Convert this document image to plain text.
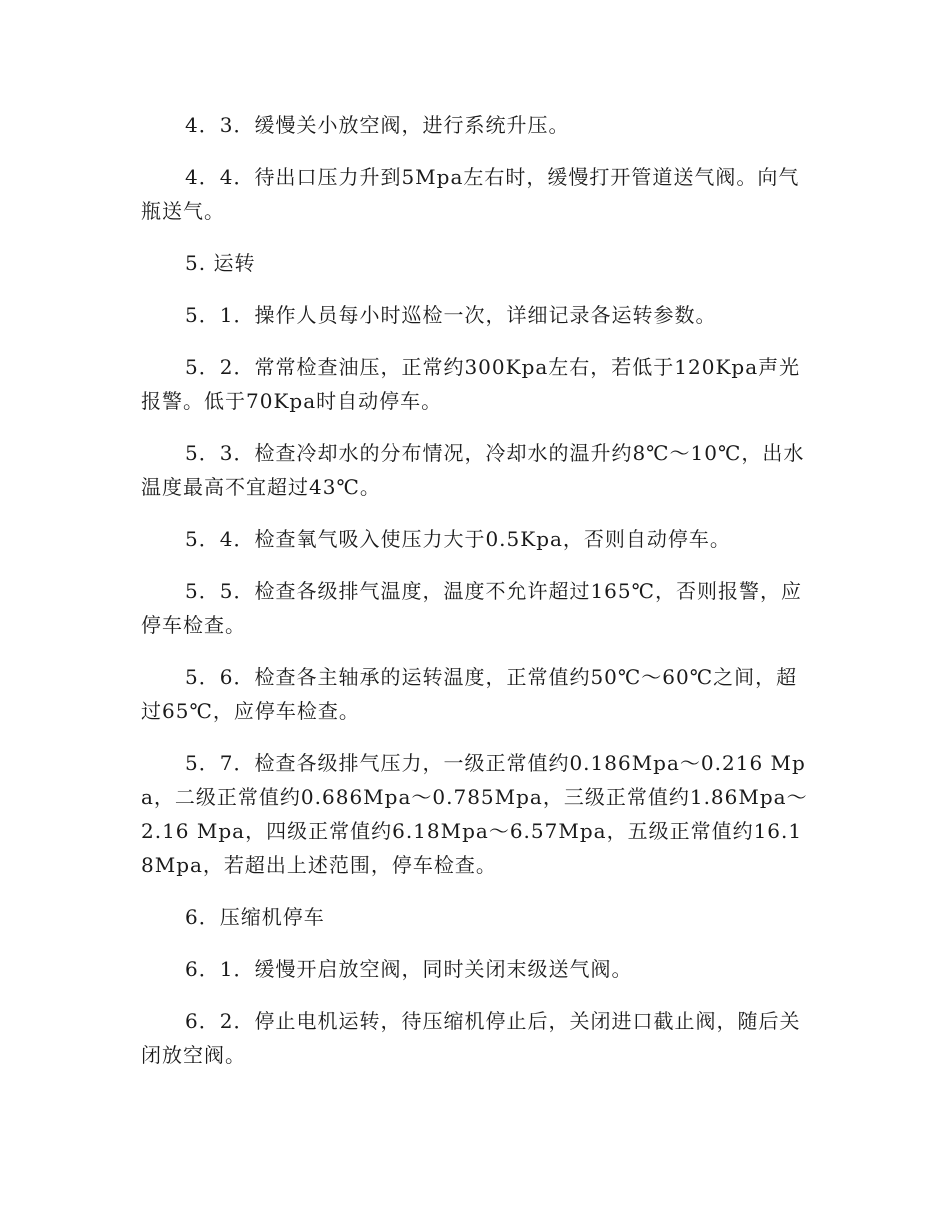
4．3．缓慢关小放空阀，进行系统升压。

4．4．待出口压力升到5Mpa左右时，缓慢打开管道送气阀。向气瓶送气。

5. 运转

5．1．操作人员每小时巡检一次，详细记录各运转参数。

5．2．常常检查油压，正常约300Kpa左右，若低于120Kpa声光报警。低于70Kpa时自动停车。

5．3．检查冷却水的分布情况，冷却水的温升约8℃～10℃，出水温度最高不宜超过43℃。

5．4．检查氧气吸入使压力大于0.5Kpa，否则自动停车。

5．5．检查各级排气温度，温度不允许超过165℃，否则报警，应停车检查。

5．6．检查各主轴承的运转温度，正常值约50℃～60℃之间，超过65℃，应停车检查。

5．7．检查各级排气压力，一级正常值约0.186Mpa～0.216 Mpa，二级正常值约0.686Mpa～0.785Mpa，三级正常值约1.86Mpa～2.16 Mpa，四级正常值约6.18Mpa～6.57Mpa，五级正常值约16.18Mpa，若超出上述范围，停车检查。

6．压缩机停车

6．1．缓慢开启放空阀，同时关闭末级送气阀。

6．2．停止电机运转，待压缩机停止后，关闭进口截止阀，随后关闭放空阀。
